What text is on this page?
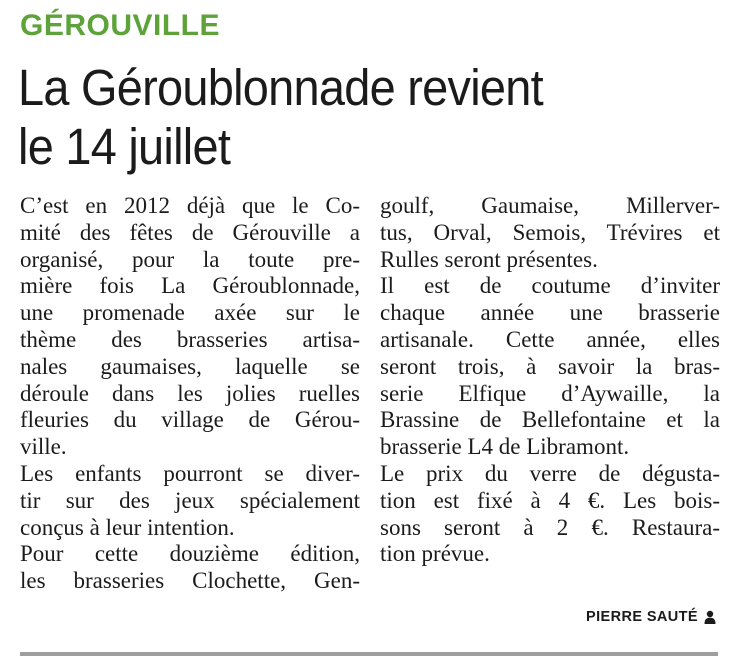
GÉROUVILLE
La Géroublonnade revient
le 14 juillet
C’est en 2012 déjà que le Co-
mité des fêtes de Gérouville a
organisé, pour la toute pre-
mière fois La Géroublonnade,
une promenade axée sur le
thème des brasseries artisa-
nales gaumaises, laquelle se
déroule dans les jolies ruelles
fleuries du village de Gérou-
ville.
Les enfants pourront se diver-
tir sur des jeux spécialement
conçus à leur intention.
Pour cette douzième édition,
les brasseries Clochette, Gen-
goulf, Gaumaise, Millerver-
tus, Orval, Semois, Trévires et
Rulles seront présentes.
Il est de coutume d’inviter
chaque année une brasserie
artisanale. Cette année, elles
seront trois, à savoir la bras-
serie Elfique d’Aywaille, la
Brassine de Bellefontaine et la
brasserie L4 de Libramont.
Le prix du verre de dégusta-
tion est fixé à 4 €. Les bois-
sons seront à 2 €. Restaura-
tion prévue.
PIERRE SAUTÉ
